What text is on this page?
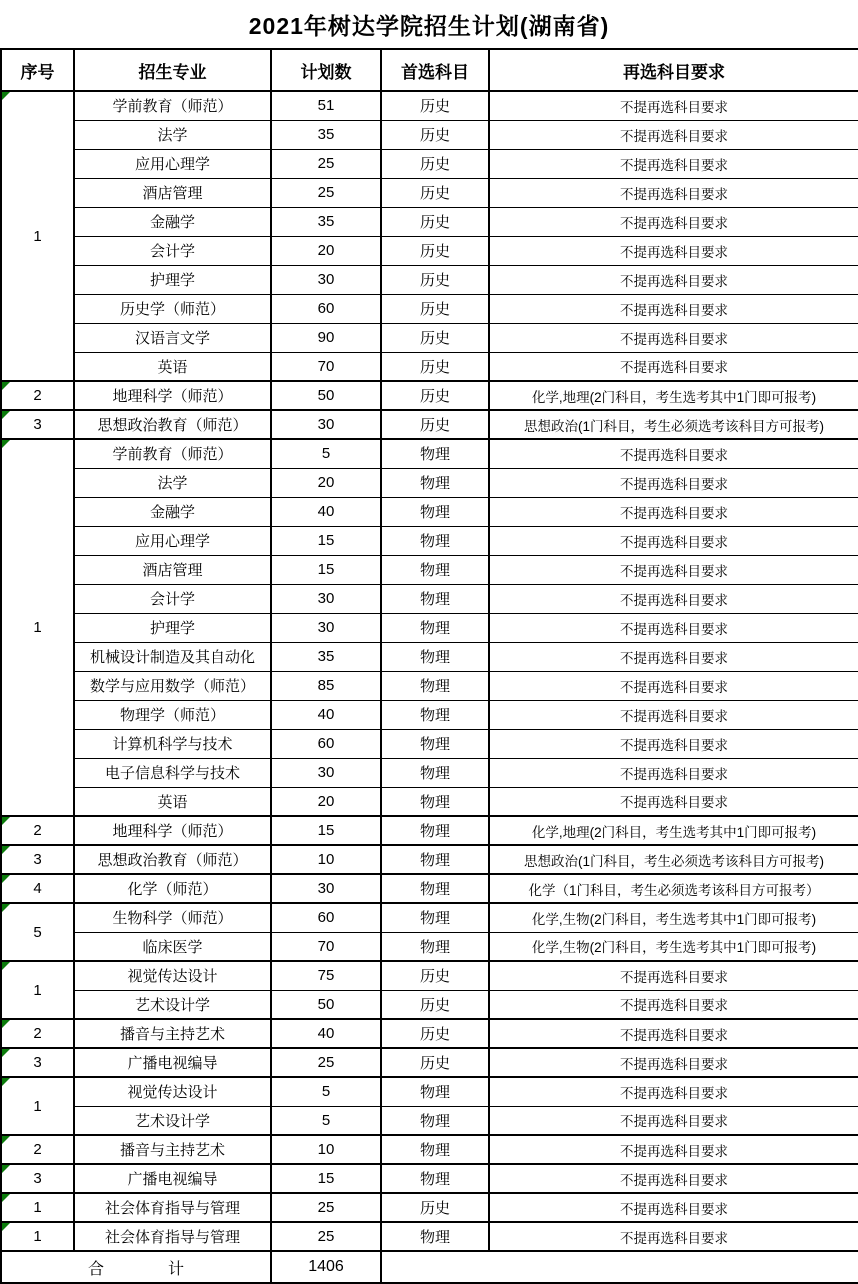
2021年树达学院招生计划(湖南省)
序号	招生专业	计划数	首选科目	再选科目要求

1	学前教育（师范）	51	历史	不提再选科目要求
	法学	35	历史	不提再选科目要求
	应用心理学	25	历史	不提再选科目要求
	酒店管理	25	历史	不提再选科目要求
	金融学	35	历史	不提再选科目要求
	会计学	20	历史	不提再选科目要求
	护理学	30	历史	不提再选科目要求
	历史学（师范）	60	历史	不提再选科目要求
	汉语言文学	90	历史	不提再选科目要求
	英语	70	历史	不提再选科目要求

2	地理科学（师范）	50	历史	化学,地理(2门科目，考生选考其中1门即可报考)

3	思想政治教育（师范）	30	历史	思想政治(1门科目，考生必须选考该科目方可报考)

1	学前教育（师范）	5	物理	不提再选科目要求
	法学	20	物理	不提再选科目要求
	金融学	40	物理	不提再选科目要求
	应用心理学	15	物理	不提再选科目要求
	酒店管理	15	物理	不提再选科目要求
	会计学	30	物理	不提再选科目要求
	护理学	30	物理	不提再选科目要求
	机械设计制造及其自动化	35	物理	不提再选科目要求
	数学与应用数学（师范）	85	物理	不提再选科目要求
	物理学（师范）	40	物理	不提再选科目要求
	计算机科学与技术	60	物理	不提再选科目要求
	电子信息科学与技术	30	物理	不提再选科目要求
	英语	20	物理	不提再选科目要求

2	地理科学（师范）	15	物理	化学,地理(2门科目，考生选考其中1门即可报考)

3	思想政治教育（师范）	10	物理	思想政治(1门科目，考生必须选考该科目方可报考)

4	化学（师范）	30	物理	化学（1门科目，考生必须选考该科目方可报考）

5	生物科学（师范）	60	物理	化学,生物(2门科目，考生选考其中1门即可报考)
	临床医学	70	物理	化学,生物(2门科目，考生选考其中1门即可报考)

1	视觉传达设计	75	历史	不提再选科目要求
	艺术设计学	50	历史	不提再选科目要求

2	播音与主持艺术	40	历史	不提再选科目要求

3	广播电视编导	25	历史	不提再选科目要求

1	视觉传达设计	5	物理	不提再选科目要求
	艺术设计学	5	物理	不提再选科目要求

2	播音与主持艺术	10	物理	不提再选科目要求

3	广播电视编导	15	物理	不提再选科目要求

1	社会体育指导与管理	25	历史	不提再选科目要求

1	社会体育指导与管理	25	物理	不提再选科目要求
合　　　　计		1406		
